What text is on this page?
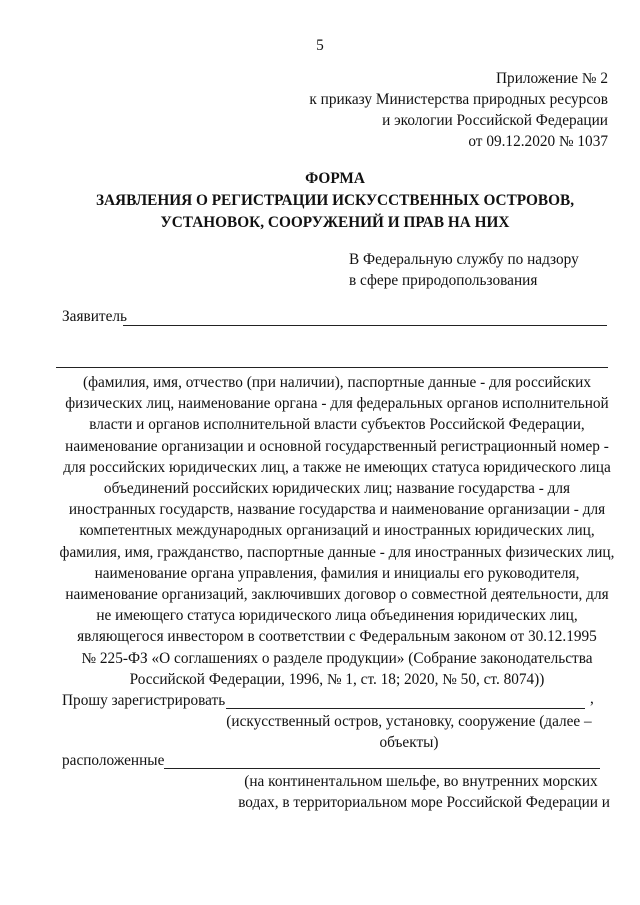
5
Приложение № 2
к приказу Министерства природных ресурсов
и экологии Российской Федерации
от 09.12.2020 № 1037
ФОРМА
ЗАЯВЛЕНИЯ О РЕГИСТРАЦИИ ИСКУССТВЕННЫХ ОСТРОВОВ,
УСТАНОВОК, СООРУЖЕНИЙ И ПРАВ НА НИХ
В Федеральную службу по надзору
в сфере природопользования
Заявитель
(фамилия, имя, отчество (при наличии), паспортные данные - для российских
физических лиц, наименование органа - для федеральных органов исполнительной
власти и органов исполнительной власти субъектов Российской Федерации,
наименование организации и основной государственный регистрационный номер -
для российских юридических лиц, а также не имеющих статуса юридического лица
объединений российских юридических лиц; название государства - для
иностранных государств, название государства и наименование организации - для
компетентных международных организаций и иностранных юридических лиц,
фамилия, имя, гражданство, паспортные данные - для иностранных физических лиц,
наименование органа управления, фамилия и инициалы его руководителя,
наименование организаций, заключивших договор о совместной деятельности, для
не имеющего статуса юридического лица объединения юридических лиц,
являющегося инвестором в соответствии с Федеральным законом от 30.12.1995
№ 225-ФЗ «О соглашениях о разделе продукции» (Собрание законодательства
Российской Федерации, 1996, № 1, ст. 18; 2020, № 50, ст. 8074))
Прошу зарегистрировать	,
(искусственный остров, установку, сооружение (далее –
объекты)
расположенные
(на континентальном шельфе, во внутренних морских
водах, в территориальном море Российской Федерации и
